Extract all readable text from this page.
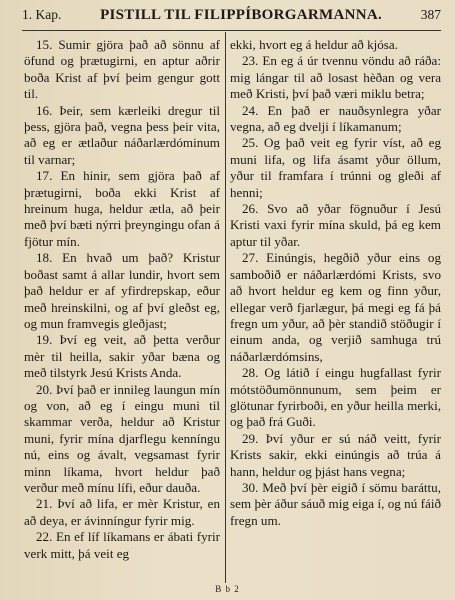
1. Kap.	PISTILL TIL FILIPPÍBORGARMANNA.	387

15. Sumir gjöra það að sönnu af öfund og þrætugirni, en aptur aðrir boða Krist af því þeim gengur gott til.

16. Þeir, sem kærleiki dregur til þess, gjöra það, vegna þess þeir vita, að eg er ætlaður náðarlærdóminum til varnar;

17. En hinir, sem gjöra það af þrætugirni, boða ekki Krist af hreinum huga, heldur ætla, að þeir með því bæti nýrri þreyngingu ofan á fjötur mín.

18. En hvað um það? Kristur boðast samt á allar lundir, hvort sem það heldur er af yfirdrepskap, eður með hreinskilni, og af því gleðst eg, og mun framvegis gleðjast;

19. Því eg veit, að þetta verður mèr til heilla, sakir yðar bæna og með tilstyrk Jesú Krists Anda.

20. Því það er innileg laungun mín og von, að eg í eingu muni til skammar verða, heldur að Kristur muni, fyrir mína djarflegu kenníngu nú, eins og ávalt, vegsamast fyrir minn líkama, hvort heldur það verður með mínu lífi, eður dauða.

21. Því að lifa, er mèr Kristur, en að deya, er ávinníngur fyrir mig.

22. En ef líf líkamans er ábati fyrir verk mitt, þá veit eg

ekki, hvort eg á heldur að kjósa.

23. En eg á úr tvennu vöndu að ráða: mig lángar til að losast hèðan og vera með Kristi, því það væri miklu betra;

24. En það er nauðsynlegra yðar vegna, að eg dvelji í líkamanum;

25. Og það veit eg fyrir víst, að eg muni lifa, og lifa ásamt yður öllum, yður til framfara í trúnni og gleði af henni;

26. Svo að yðar fögnuður í Jesú Kristi vaxi fyrir mína skuld, þá eg kem aptur til yðar.

27. Einúngis, hegðið yður eins og samboðið er náðarlærdómi Krists, svo að hvort heldur eg kem og finn yður, ellegar verð fjarlægur, þá megi eg fá þá fregn um yður, að þèr standið stöðugir í einum anda, og verjið samhuga trú náðarlærdómsins,

28. Og látið í eingu hugfallast fyrir mótstöðumönnunum, sem þeim er glötunar fyrirboði, en yður heilla merki, og það frá Guði.

29. Því yður er sú náð veitt, fyrir Krists sakir, ekki einúngis að trúa á hann, heldur og þjást hans vegna;

30. Með því þèr eigið í sömu baráttu, sem þèr áður sáuð mig eiga í, og nú fáið fregn um.

B b 2
